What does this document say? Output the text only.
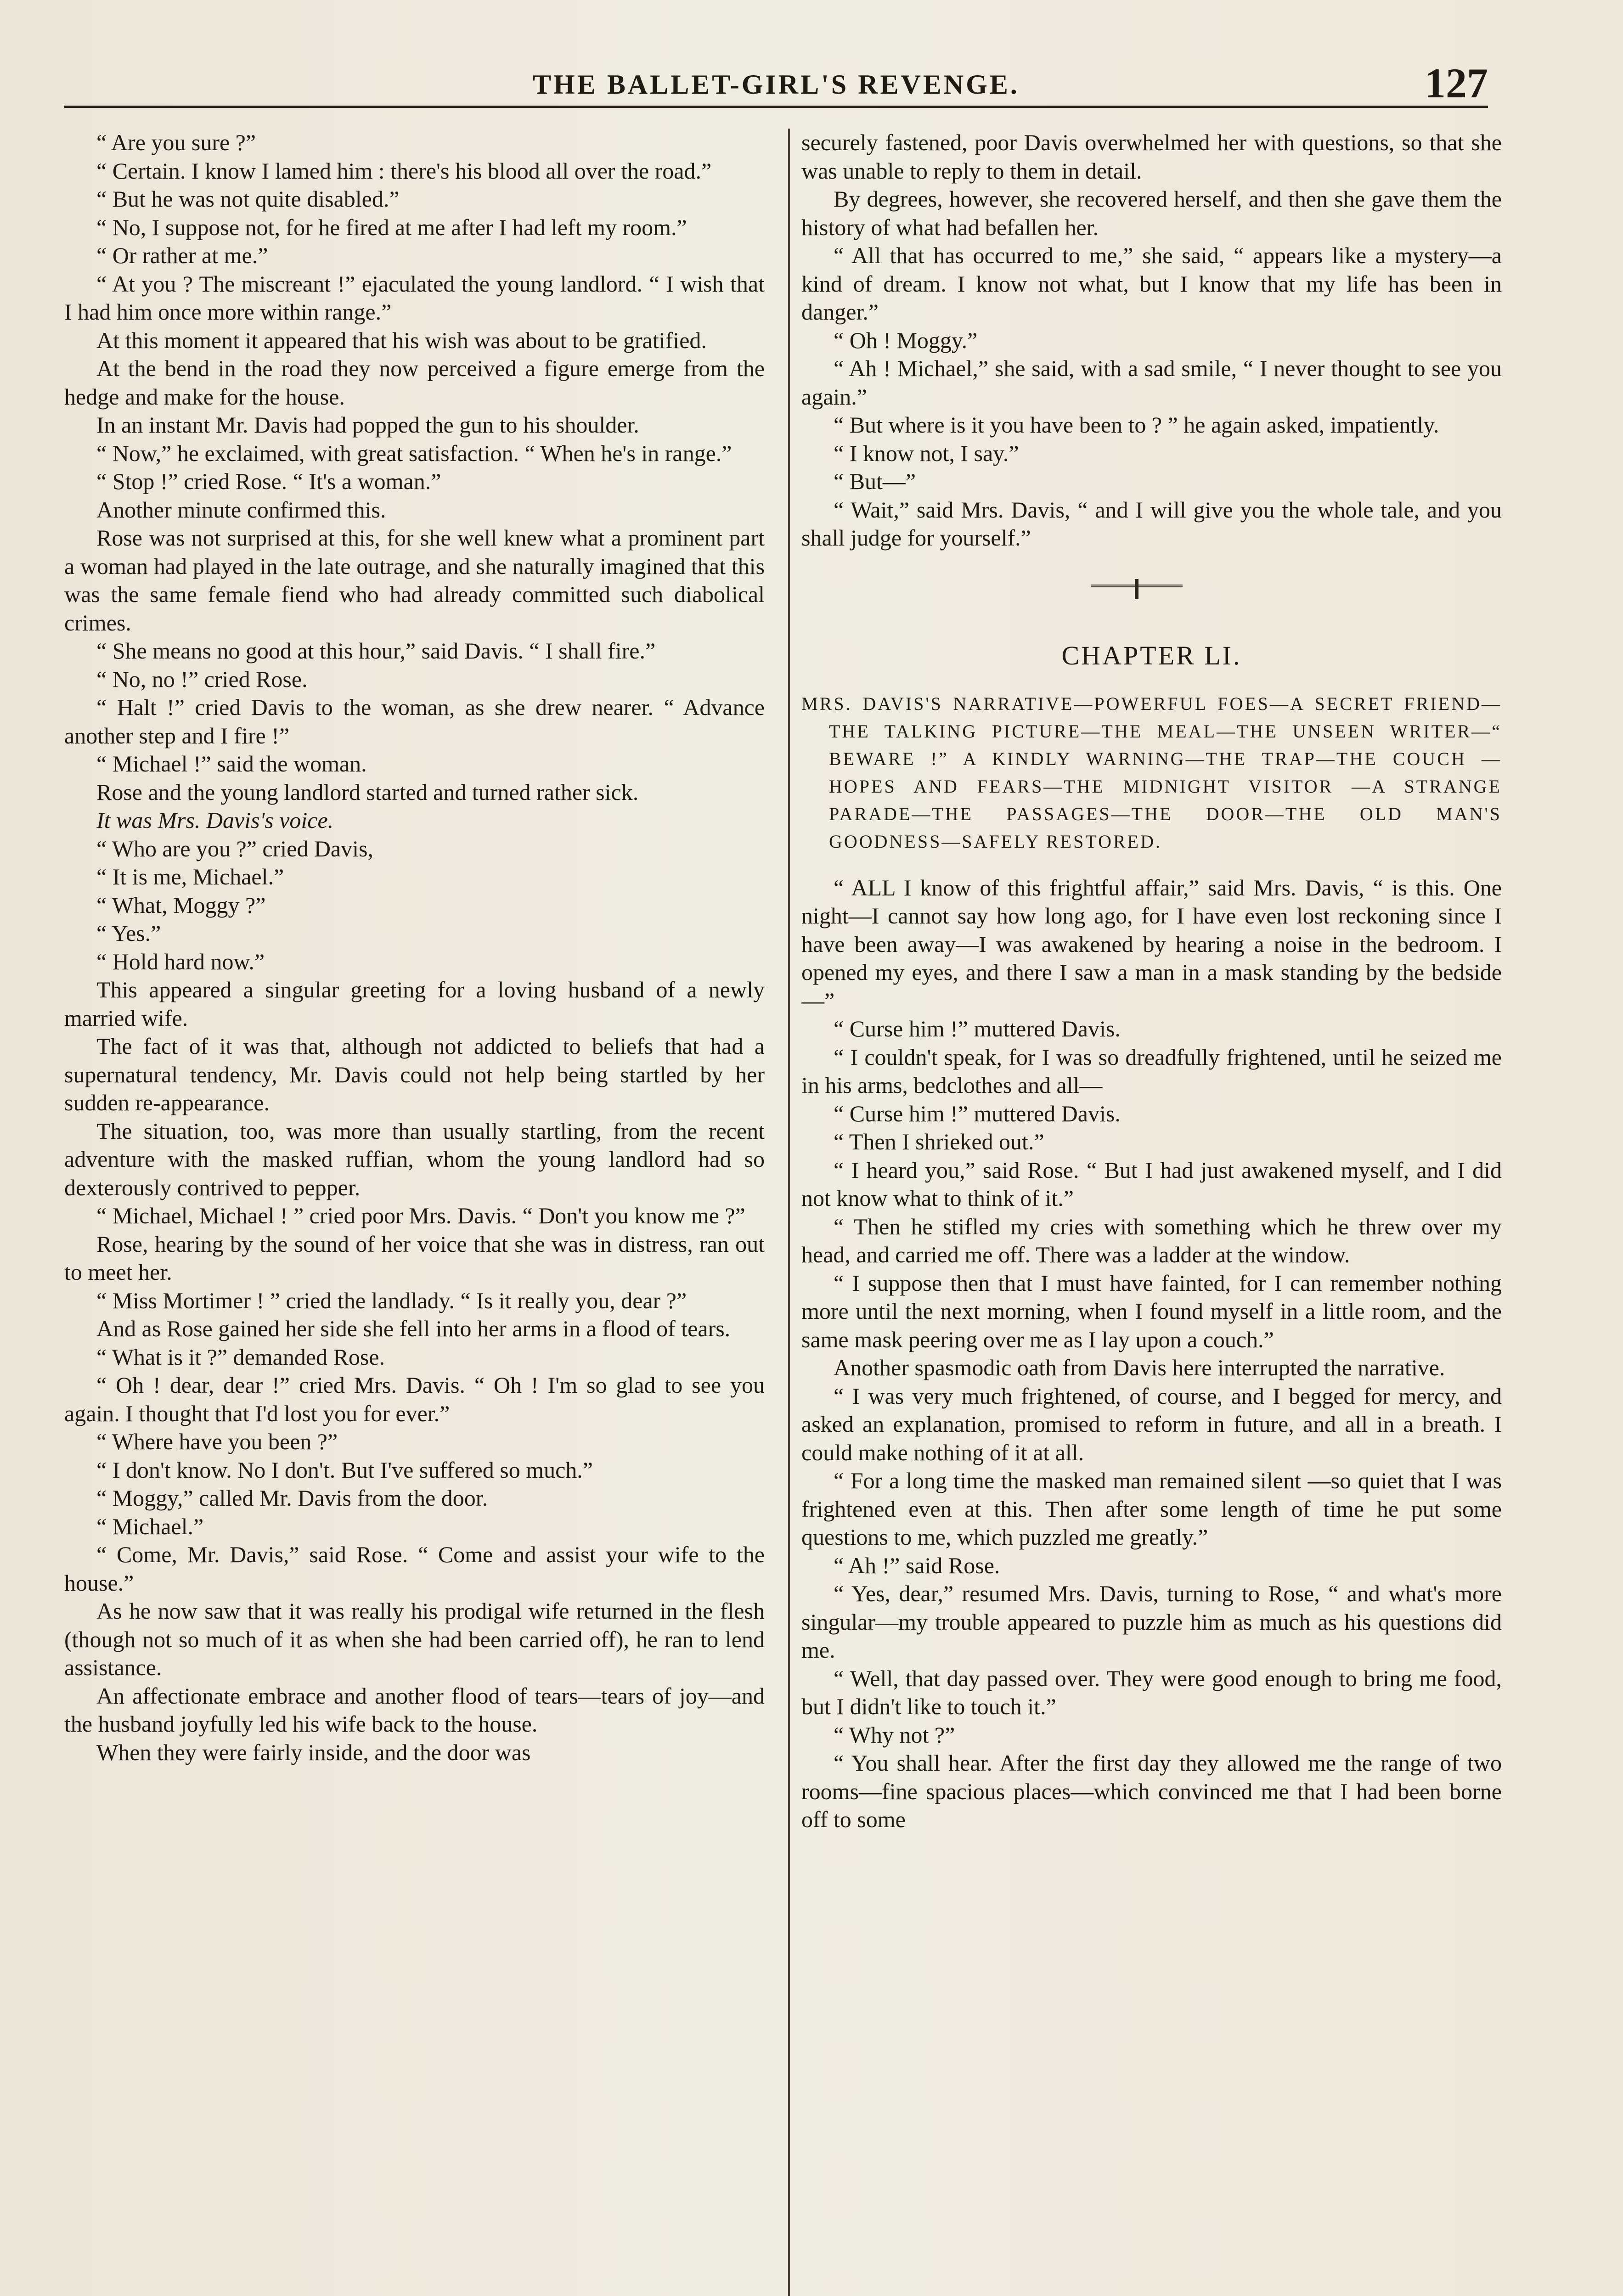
THE BALLET-GIRL'S REVENGE.	127

“ Are you sure ?”

“ Certain. I know I lamed him : there's his blood all over the road.”

“ But he was not quite disabled.”

“ No, I suppose not, for he fired at me after I had left my room.”

“ Or rather at me.”

“ At you ? The miscreant !” ejaculated the young landlord. “ I wish that I had him once more within range.”

At this moment it appeared that his wish was about to be gratified.

At the bend in the road they now perceived a figure emerge from the hedge and make for the house.

In an instant Mr. Davis had popped the gun to his shoulder.

“ Now,” he exclaimed, with great satisfaction. “ When he's in range.”

“ Stop !” cried Rose. “ It's a woman.”

Another minute confirmed this.

Rose was not surprised at this, for she well knew what a prominent part a woman had played in the late outrage, and she naturally imagined that this was the same female fiend who had already committed such diabolical crimes.

“ She means no good at this hour,” said Davis. “ I shall fire.”

“ No, no !” cried Rose.

“ Halt !” cried Davis to the woman, as she drew nearer. “ Advance another step and I fire !”

“ Michael !” said the woman.

Rose and the young landlord started and turned rather sick.

It was Mrs. Davis's voice.

“ Who are you ?” cried Davis,

“ It is me, Michael.”

“ What, Moggy ?”

“ Yes.”

“ Hold hard now.”

This appeared a singular greeting for a loving husband of a newly married wife.

The fact of it was that, although not addicted to beliefs that had a supernatural tendency, Mr. Davis could not help being startled by her sudden re-appearance.

The situation, too, was more than usually startling, from the recent adventure with the masked ruffian, whom the young landlord had so dexterously contrived to pepper.

“ Michael, Michael ! ” cried poor Mrs. Davis. “ Don't you know me ?”

Rose, hearing by the sound of her voice that she was in distress, ran out to meet her.

“ Miss Mortimer ! ” cried the landlady. “ Is it really you, dear ?”

And as Rose gained her side she fell into her arms in a flood of tears.

“ What is it ?” demanded Rose.

“ Oh ! dear, dear !” cried Mrs. Davis. “ Oh ! I'm so glad to see you again. I thought that I'd lost you for ever.”

“ Where have you been ?”

“ I don't know. No I don't. But I've suffered so much.”

“ Moggy,” called Mr. Davis from the door.

“ Michael.”

“ Come, Mr. Davis,” said Rose. “ Come and assist your wife to the house.”

As he now saw that it was really his prodigal wife returned in the flesh (though not so much of it as when she had been carried off), he ran to lend assistance.

An affectionate embrace and another flood of tears—tears of joy—and the husband joyfully led his wife back to the house.

When they were fairly inside, and the door was

securely fastened, poor Davis overwhelmed her with questions, so that she was unable to reply to them in detail.

By degrees, however, she recovered herself, and then she gave them the history of what had befallen her.

“ All that has occurred to me,” she said, “ appears like a mystery—a kind of dream. I know not what, but I know that my life has been in danger.”

“ Oh ! Moggy.”

“ Ah ! Michael,” she said, with a sad smile, “ I never thought to see you again.”

“ But where is it you have been to ? ” he again asked, impatiently.

“ I know not, I say.”

“ But—”

“ Wait,” said Mrs. Davis, “ and I will give you the whole tale, and you shall judge for yourself.”

CHAPTER LI.
MRS. DAVIS'S NARRATIVE—POWERFUL FOES—A SECRET FRIEND—THE TALKING PICTURE—THE MEAL—THE UNSEEN WRITER—“ BEWARE !” A KINDLY WARNING—THE TRAP—THE COUCH —HOPES AND FEARS—THE MIDNIGHT VISITOR —A STRANGE PARADE—THE PASSAGES—THE DOOR—THE OLD MAN'S GOODNESS—SAFELY RESTORED.

“ ALL I know of this frightful affair,” said Mrs. Davis, “ is this. One night—I cannot say how long ago, for I have even lost reckoning since I have been away—I was awakened by hearing a noise in the bedroom. I opened my eyes, and there I saw a man in a mask standing by the bedside—”

“ Curse him !” muttered Davis.

“ I couldn't speak, for I was so dreadfully frightened, until he seized me in his arms, bedclothes and all—

“ Curse him !” muttered Davis.

“ Then I shrieked out.”

“ I heard you,” said Rose. “ But I had just awakened myself, and I did not know what to think of it.”

“ Then he stifled my cries with something which he threw over my head, and carried me off. There was a ladder at the window.

“ I suppose then that I must have fainted, for I can remember nothing more until the next morning, when I found myself in a little room, and the same mask peering over me as I lay upon a couch.”

Another spasmodic oath from Davis here interrupted the narrative.

“ I was very much frightened, of course, and I begged for mercy, and asked an explanation, promised to reform in future, and all in a breath. I could make nothing of it at all.

“ For a long time the masked man remained silent —so quiet that I was frightened even at this. Then after some length of time he put some questions to me, which puzzled me greatly.”

“ Ah !” said Rose.

“ Yes, dear,” resumed Mrs. Davis, turning to Rose, “ and what's more singular—my trouble appeared to puzzle him as much as his questions did me.

“ Well, that day passed over. They were good enough to bring me food, but I didn't like to touch it.”

“ Why not ?”

“ You shall hear. After the first day they allowed me the range of two rooms—fine spacious places—which convinced me that I had been borne off to some
